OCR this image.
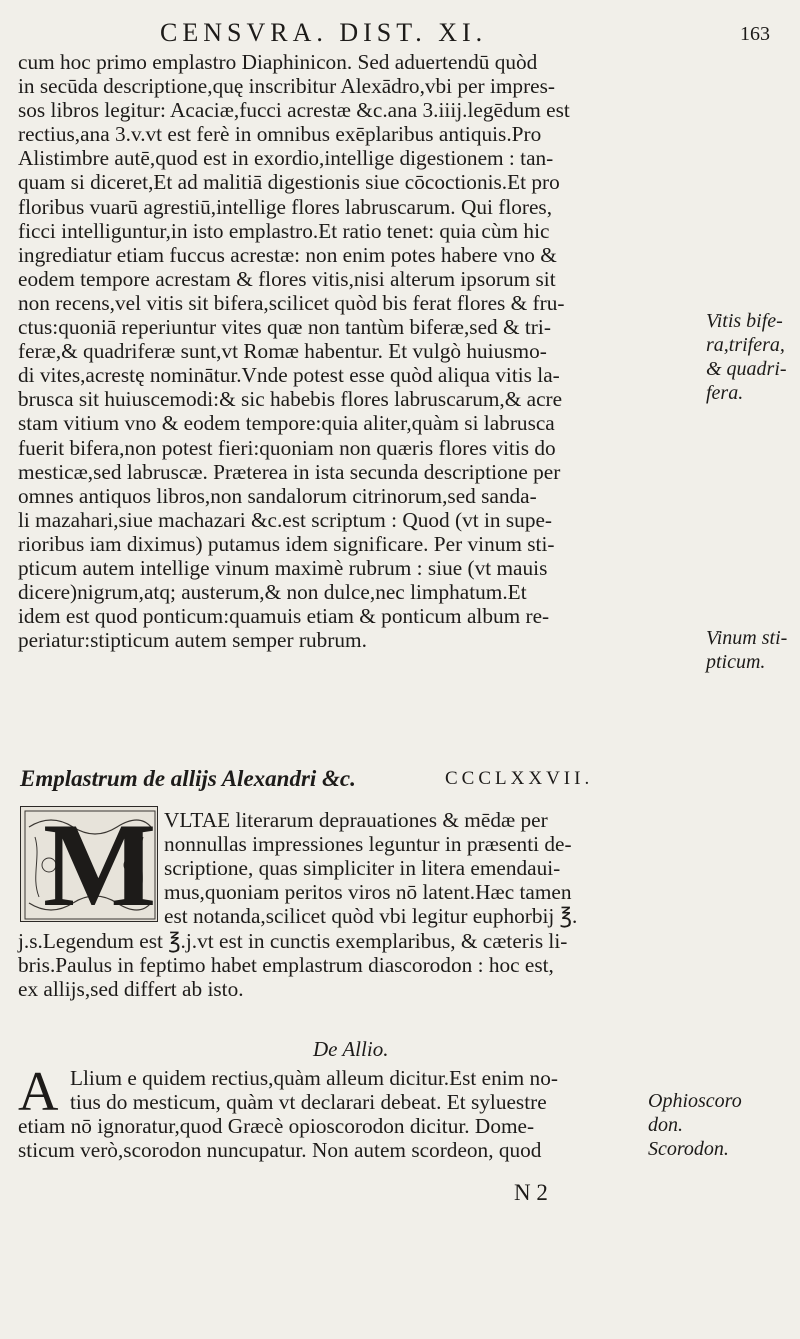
CENSVRA. DIST. XI.	163
cum hoc primo emplastro Diaphinicon. Sed aduertendū quòd
in secūda descriptione,quę inscribitur Alexādro,vbi per impres-
sos libros legitur: Acaciæ,fucci acrestæ &c.ana 3.iiij.legēdum est
rectius,ana 3.v.vt est ferè in omnibus exēplaribus antiquis.Pro
Alistimbre autē,quod est in exordio,intellige digestionem : tan-
quam si diceret,Et ad malitiā digestionis siue cōcoctionis.Et pro
floribus vuarū agrestiū,intellige flores labruscarum. Qui flores,
ficci intelliguntur,in isto emplastro.Et ratio tenet: quia cùm hic
ingrediatur etiam fuccus acrestæ: non enim potes habere vno &
eodem tempore acrestam & flores vitis,nisi alterum ipsorum sit
non recens,vel vitis sit bifera,scilicet quòd bis ferat flores & fru-
ctus:quoniā reperiuntur vites quæ non tantùm biferæ,sed & tri-
feræ,& quadriferæ sunt,vt Romæ habentur. Et vulgò huiusmo-
di vites,acrestę nominātur.Vnde potest esse quòd aliqua vitis la-
brusca sit huiuscemodi:& sic habebis flores labruscarum,& acre
stam vitium vno & eodem tempore:quia aliter,quàm si labrusca
fuerit bifera,non potest fieri:quoniam non quæris flores vitis do
mesticæ,sed labruscæ. Præterea in ista secunda descriptione per
omnes antiquos libros,non sandalorum citrinorum,sed sanda-
li mazahari,siue machazari &c.est scriptum : Quod (vt in supe-
rioribus iam diximus) putamus idem significare. Per vinum sti-
pticum autem intellige vinum maximè rubrum : siue (vt mauis
dicere)nigrum,atq; austerum,& non dulce,nec limphatum.Et
idem est quod ponticum:quamuis etiam & ponticum album re-
periatur:stipticum autem semper rubrum.
Vitis bife-
ra,trifera,
& quadri-
fera.
Vinum sti-
pticum.
Ophioscoro
don.
Scorodon.
Emplastrum de allijs Alexandri &c.	CCCLXXVII.
M VLTAE literarum deprauationes & mēdæ per
nonnullas impressiones leguntur in præsenti de-
scriptione, quas simpliciter in litera emendaui-
mus,quoniam peritos viros nō latent.Hæc tamen
est notanda,scilicet quòd vbi legitur euphorbij ℥.
j.s.Legendum est ℥.j.vt est in cunctis exemplaribus, & cæteris li-
bris.Paulus in feptimo habet emplastrum diascorodon : hoc est,
ex allijs,sed differt ab isto.
De Allio.
A Llium e quidem rectius,quàm alleum dicitur.Est enim no-
tius do mesticum, quàm vt declarari debeat. Et syluestre
etiam nō ignoratur,quod Græcè opioscorodon dicitur. Dome-
sticum verò,scorodon nuncupatur. Non autem scordeon, quod
N 2
